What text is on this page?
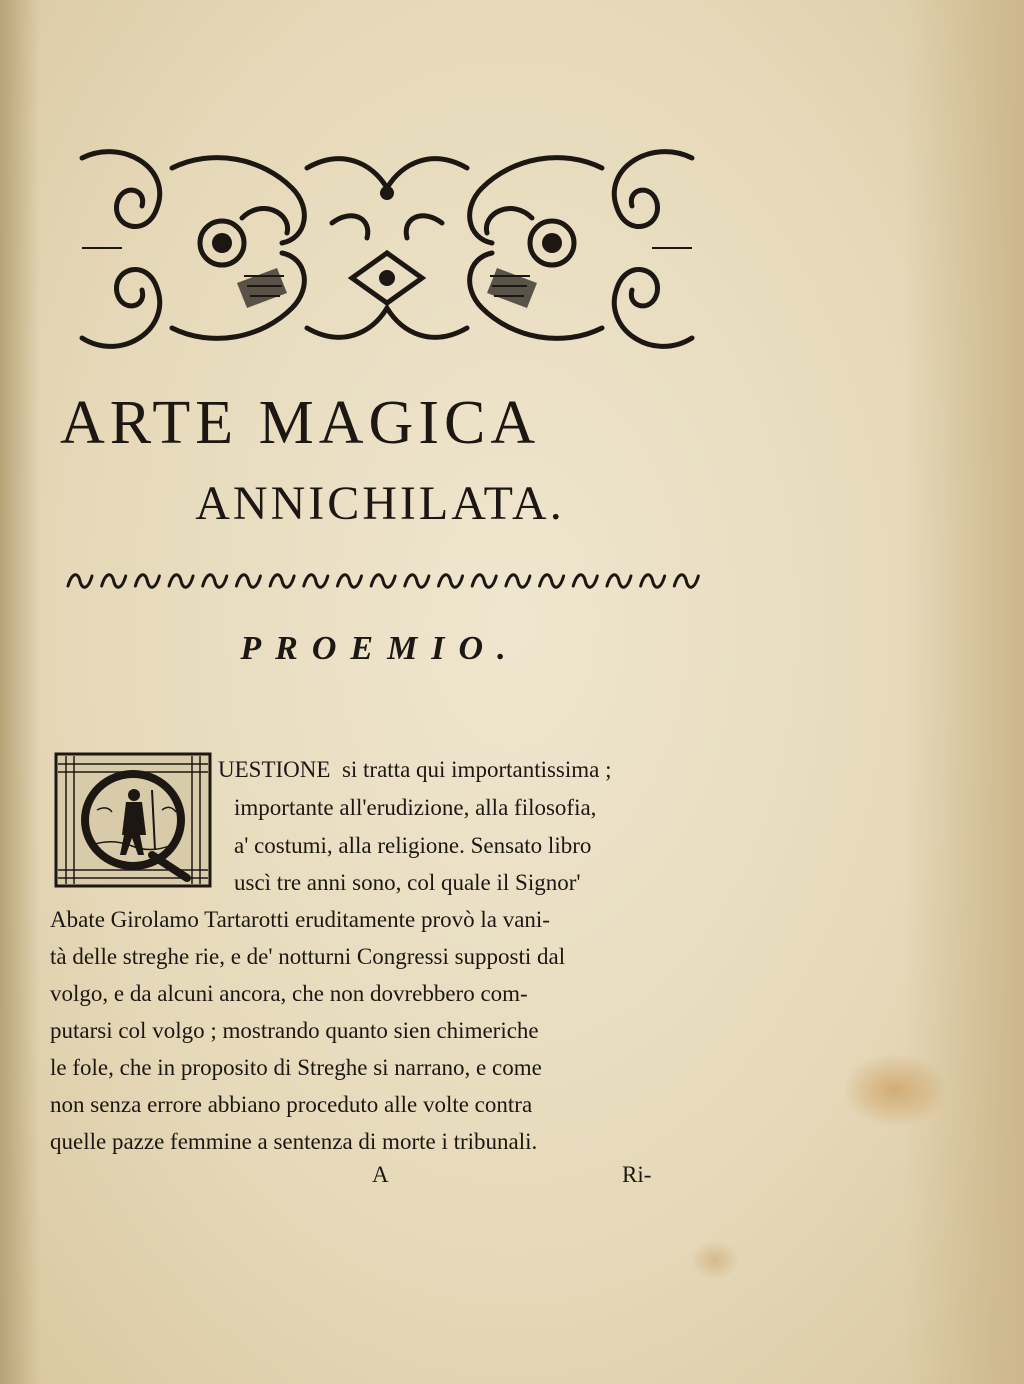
ARTE MAGICA
ANNICHILATA.
PROEMIO.
UESTIONE si tratta qui importantissima ;
importante all'erudizione, alla filosofia,
a' costumi, alla religione. Sensato libro
uscì tre anni sono, col quale il Signor'
Abate Girolamo Tartarotti eruditamente provò la vani-
tà delle streghe rie, e de' notturni Congressi supposti dal
volgo, e da alcuni ancora, che non dovrebbero com-
putarsi col volgo ; mostrando quanto sien chimeriche
le fole, che in proposito di Streghe si narrano, e come
non senza errore abbiano proceduto alle volte contra
quelle pazze femmine a sentenza di morte i tribunali.
A	Ri-
